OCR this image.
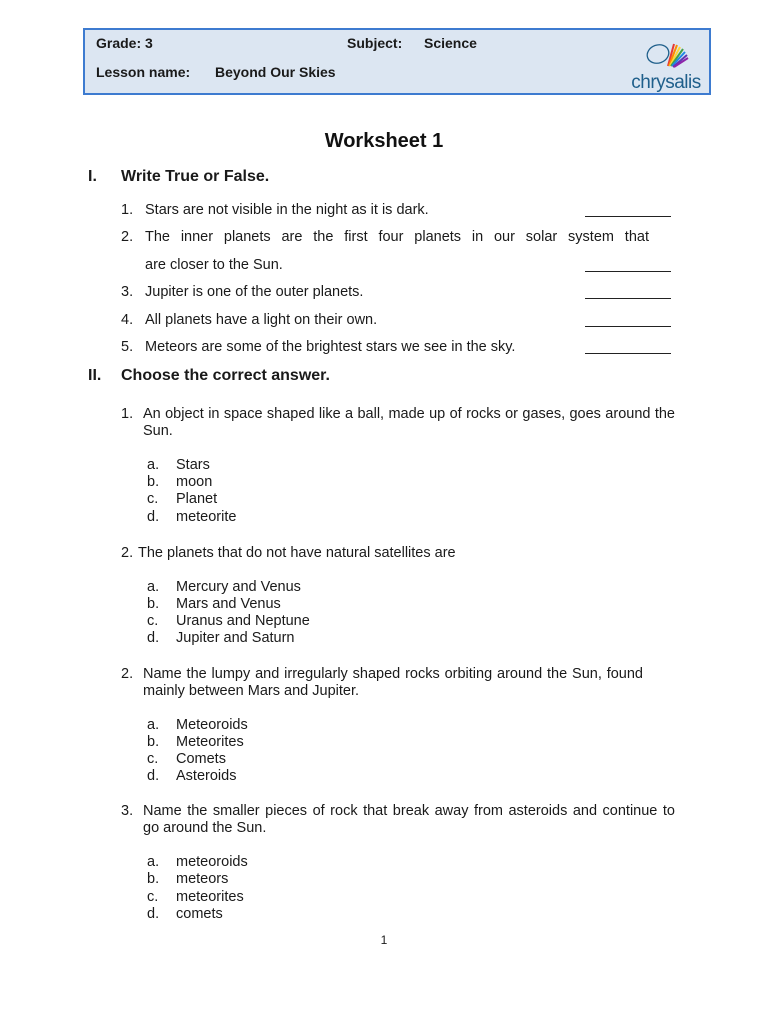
Grade: 3	Subject: Science
Lesson name: Beyond Our Skies	chrysalis
Worksheet 1
I. Write True or False.
1. Stars are not visible in the night as it is dark.
2. The inner planets are the first four planets in our solar system that
are closer to the Sun.
3. Jupiter is one of the outer planets.
4. All planets have a light on their own.
5. Meteors are some of the brightest stars we see in the sky.
II. Choose the correct answer.
1. An object in space shaped like a ball, made up of rocks or gases, goes around the Sun.
a. Stars
b. moon
c. Planet
d. meteorite
2. The planets that do not have natural satellites are
a. Mercury and Venus
b. Mars and Venus
c. Uranus and Neptune
d. Jupiter and Saturn
2. Name the lumpy and irregularly shaped rocks orbiting around the Sun, found mainly between Mars and Jupiter.
a. Meteoroids
b. Meteorites
c. Comets
d. Asteroids
3. Name the smaller pieces of rock that break away from asteroids and continue to go around the Sun.
a. meteoroids
b. meteors
c. meteorites
d. comets
1
